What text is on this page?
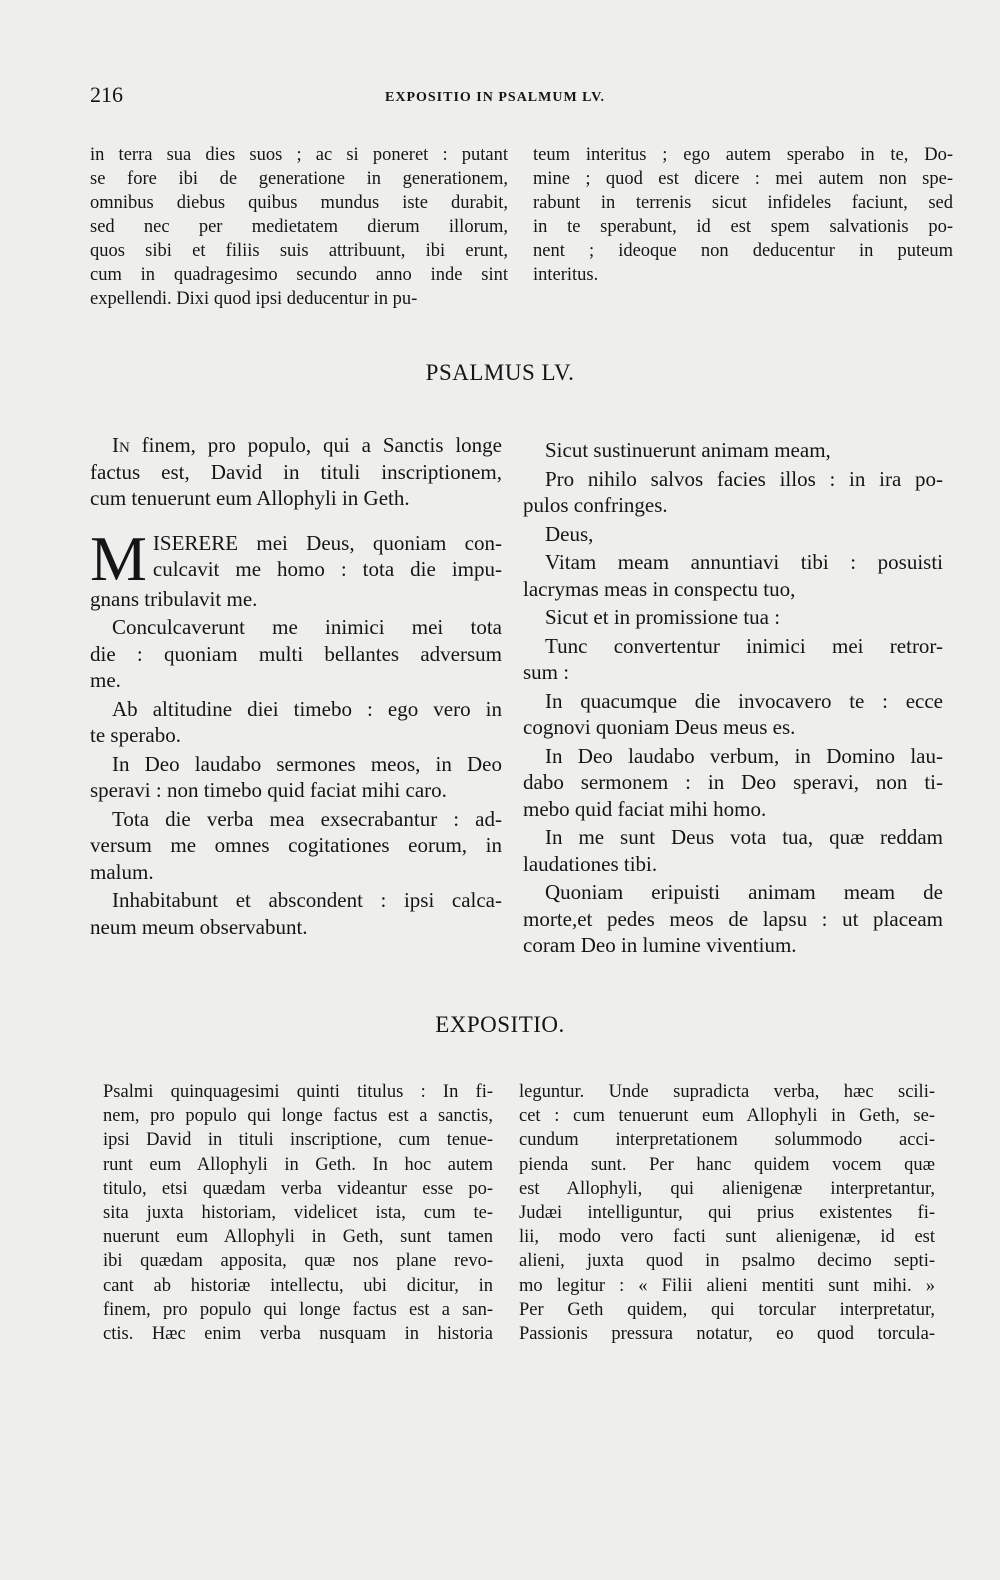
216	EXPOSITIO IN PSALMUM LV.
in terra sua dies suos ; ac si poneret : putant
se fore ibi de generatione in generationem,
omnibus diebus quibus mundus iste durabit,
sed nec per medietatem dierum illorum,
quos sibi et filiis suis attribuunt, ibi erunt,
cum in quadragesimo secundo anno inde sint
expellendi. Dixi quod ipsi deducentur in pu-
teum interitus ; ego autem sperabo in te, Do-
mine ; quod est dicere : mei autem non spe-
rabunt in terrenis sicut infideles faciunt, sed
in te sperabunt, id est spem salvationis po-
nent ; ideoque non deducentur in puteum
interitus.
PSALMUS LV.
In finem, pro populo, qui a Sanctis longe
factus est, David in tituli inscriptionem,
cum tenuerunt eum Allophyli in Geth.
M ISERERE mei Deus, quoniam con-
culcavit me homo : tota die impu-
gnans tribulavit me.
Conculcaverunt me inimici mei tota
die : quoniam multi bellantes adversum
me.
Ab altitudine diei timebo : ego vero in
te sperabo.
In Deo laudabo sermones meos, in Deo
speravi : non timebo quid faciat mihi caro.
Tota die verba mea exsecrabantur : ad-
versum me omnes cogitationes eorum, in
malum.
Inhabitabunt et abscondent : ipsi calca-
neum meum observabunt.
Sicut sustinuerunt animam meam,
Pro nihilo salvos facies illos : in ira po-
pulos confringes.
Deus,
Vitam meam annuntiavi tibi : posuisti
lacrymas meas in conspectu tuo,
Sicut et in promissione tua :
Tunc convertentur inimici mei retror-
sum :
In quacumque die invocavero te : ecce
cognovi quoniam Deus meus es.
In Deo laudabo verbum, in Domino lau-
dabo sermonem : in Deo speravi, non ti-
mebo quid faciat mihi homo.
In me sunt Deus vota tua, quæ reddam
laudationes tibi.
Quoniam eripuisti animam meam de
morte,et pedes meos de lapsu : ut placeam
coram Deo in lumine viventium.
EXPOSITIO.
Psalmi quinquagesimi quinti titulus : In fi-
nem, pro populo qui longe factus est a sanctis,
ipsi David in tituli inscriptione, cum tenue-
runt eum Allophyli in Geth. In hoc autem
titulo, etsi quædam verba videantur esse po-
sita juxta historiam, videlicet ista, cum te-
nuerunt eum Allophyli in Geth, sunt tamen
ibi quædam apposita, quæ nos plane revo-
cant ab historiæ intellectu, ubi dicitur, in
finem, pro populo qui longe factus est a san-
ctis. Hæc enim verba nusquam in historia
leguntur. Unde supradicta verba, hæc scili-
cet : cum tenuerunt eum Allophyli in Geth, se-
cundum interpretationem solummodo acci-
pienda sunt. Per hanc quidem vocem quæ
est Allophyli, qui alienigenæ interpretantur,
Judæi intelliguntur, qui prius existentes fi-
lii, modo vero facti sunt alienigenæ, id est
alieni, juxta quod in psalmo decimo septi-
mo legitur : « Filii alieni mentiti sunt mihi. »
Per Geth quidem, qui torcular interpretatur,
Passionis pressura notatur, eo quod torcula-
